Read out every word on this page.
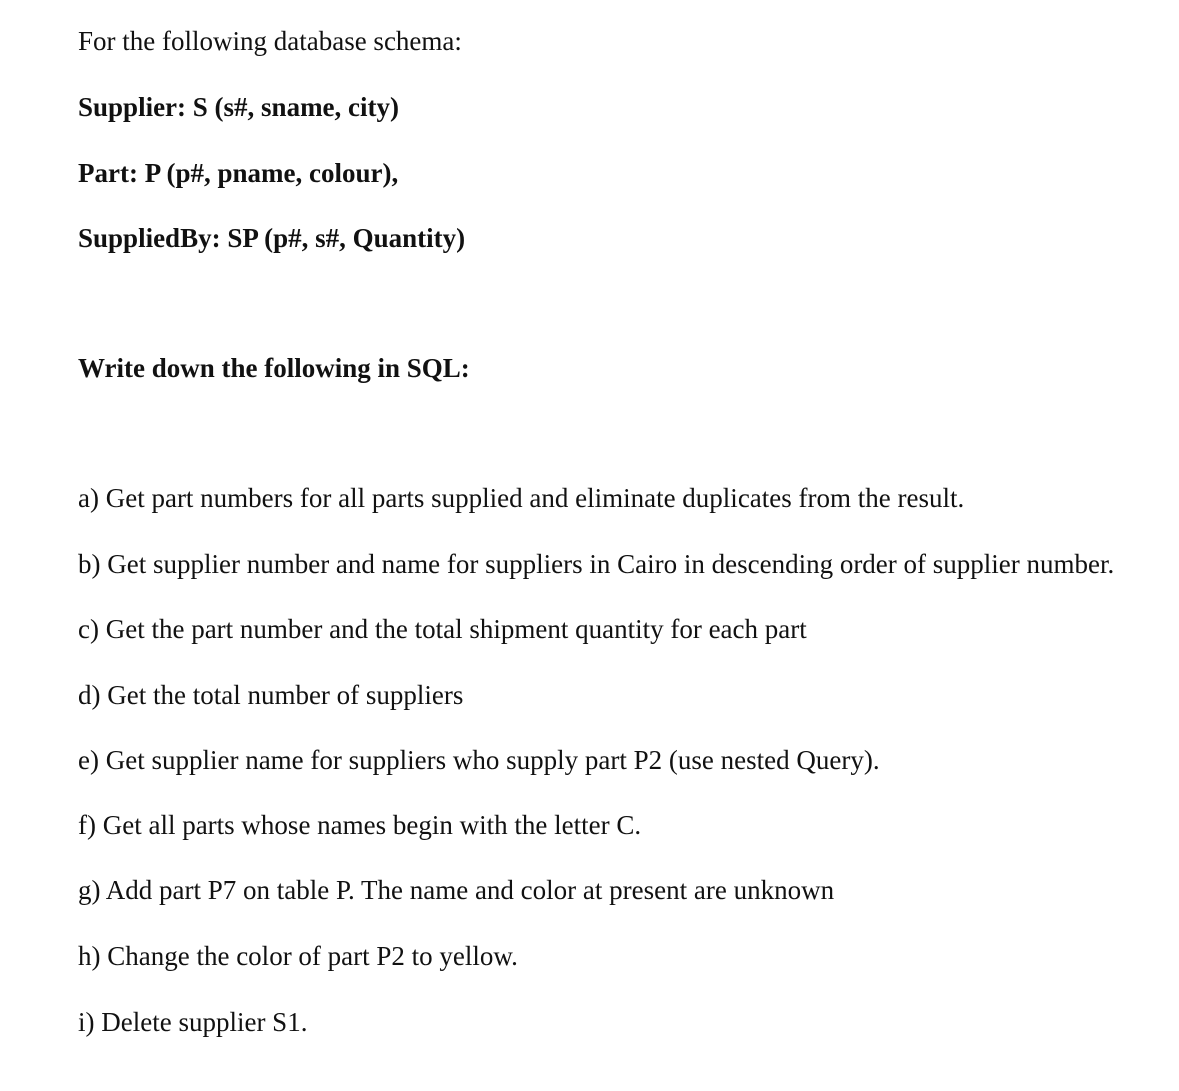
For the following database schema:

Supplier: S (s#, sname, city)

Part: P (p#, pname, colour),

SuppliedBy: SP (p#, s#, Quantity)

Write down the following in SQL:

a) Get part numbers for all parts supplied and eliminate duplicates from the result.

b) Get supplier number and name for suppliers in Cairo in descending order of supplier number.

c) Get the part number and the total shipment quantity for each part

d) Get the total number of suppliers

e) Get supplier name for suppliers who supply part P2 (use nested Query).

f) Get all parts whose names begin with the letter C.

g) Add part P7 on table P. The name and color at present are unknown

h) Change the color of part P2 to yellow.

i) Delete supplier S1.
